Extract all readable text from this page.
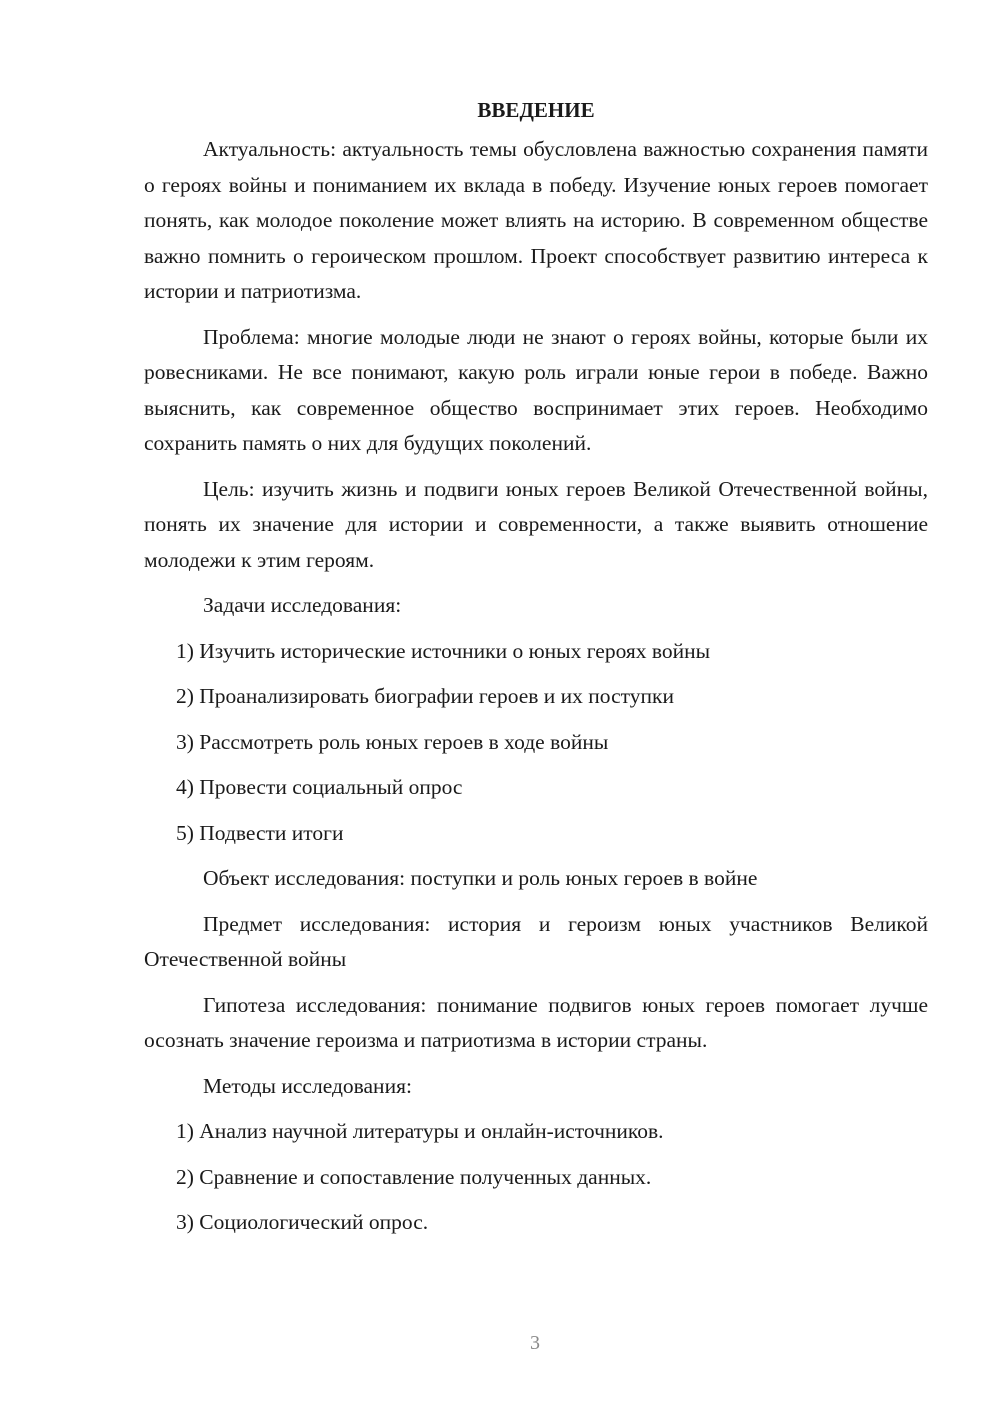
ВВЕДЕНИЕ

Актуальность: актуальность темы обусловлена важностью сохранения памяти о героях войны и пониманием их вклада в победу. Изучение юных героев помогает понять, как молодое поколение может влиять на историю. В современном обществе важно помнить о героическом прошлом. Проект способствует развитию интереса к истории и патриотизма.

Проблема: многие молодые люди не знают о героях войны, которые были их ровесниками. Не все понимают, какую роль играли юные герои в победе. Важно выяснить, как современное общество воспринимает этих героев. Необходимо сохранить память о них для будущих поколений.

Цель: изучить жизнь и подвиги юных героев Великой Отечественной войны, понять их значение для истории и современности, а также выявить отношение молодежи к этим героям.

Задачи исследования:

1) Изучить исторические источники о юных героях войны

2) Проанализировать биографии героев и их поступки

3) Рассмотреть роль юных героев в ходе войны

4) Провести социальный опрос

5) Подвести итоги

Объект исследования: поступки и роль юных героев в войне

Предмет исследования: история и героизм юных участников Великой Отечественной войны

Гипотеза исследования: понимание подвигов юных героев помогает лучше осознать значение героизма и патриотизма в истории страны.

Методы исследования:

1) Анализ научной литературы и онлайн-источников.

2) Сравнение и сопоставление полученных данных.

3) Социологический опрос.

3
